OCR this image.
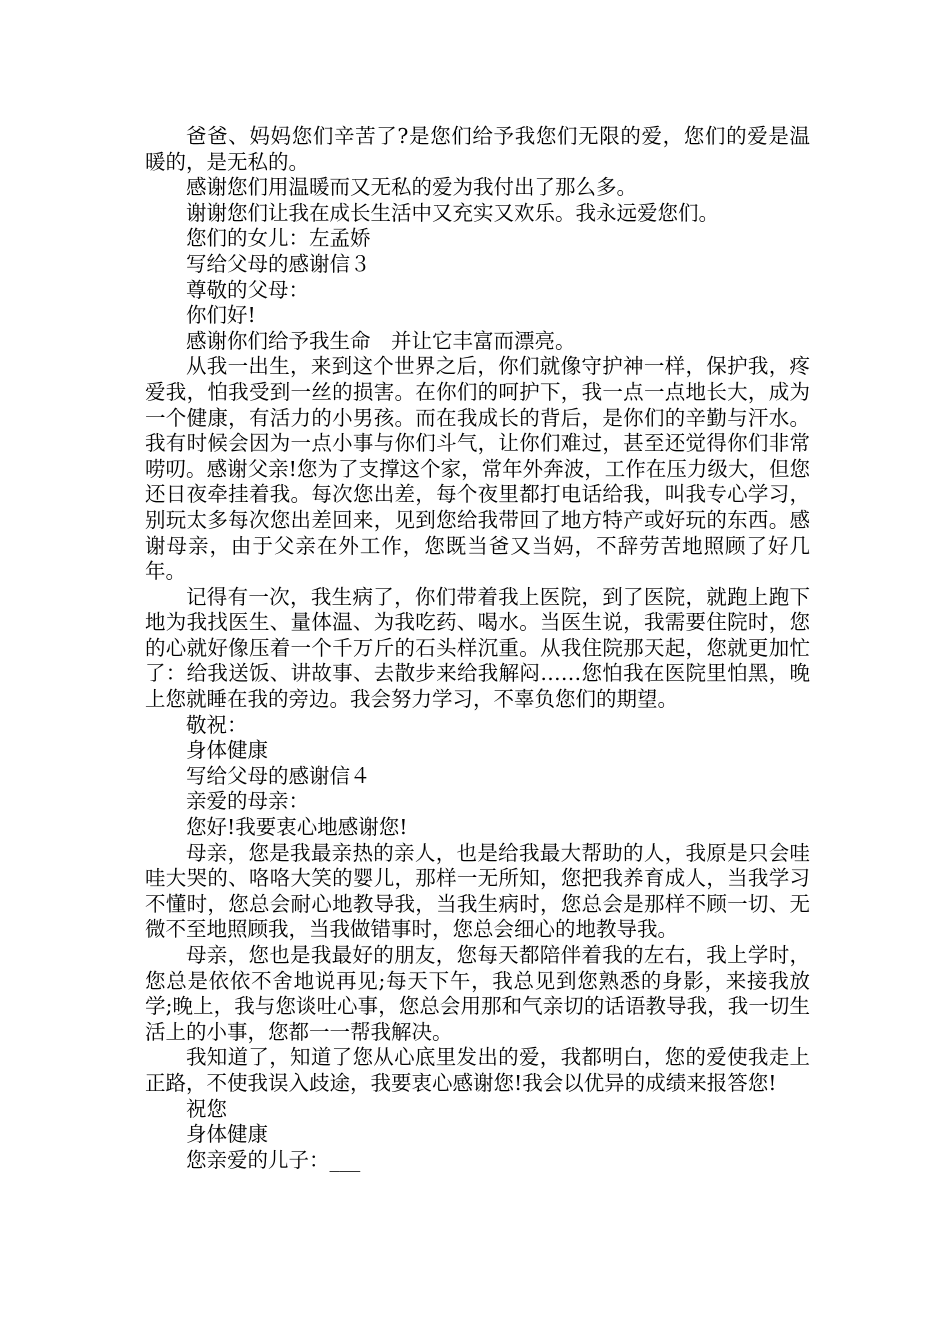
爸爸、妈妈您们辛苦了?是您们给予我您们无限的爱，您们的爱是温暖的，是无私的。

感谢您们用温暖而又无私的爱为我付出了那么多。

谢谢您们让我在成长生活中又充实又欢乐。我永远爱您们。

您们的女儿：左孟娇

写给父母的感谢信３

尊敬的父母：

你们好!

感谢你们给予我生命　并让它丰富而漂亮。

从我一出生，来到这个世界之后，你们就像守护神一样，保护我，疼爱我，怕我受到一丝的损害。在你们的呵护下，我一点一点地长大，成为一个健康，有活力的小男孩。而在我成长的背后，是你们的辛勤与汗水。我有时候会因为一点小事与你们斗气，让你们难过，甚至还觉得你们非常唠叨。感谢父亲!您为了支撑这个家，常年外奔波，工作在压力级大，但您还日夜牵挂着我。每次您出差，每个夜里都打电话给我，叫我专心学习，别玩太多每次您出差回来，见到您给我带回了地方特产或好玩的东西。感谢母亲，由于父亲在外工作，您既当爸又当妈，不辞劳苦地照顾了好几年。

记得有一次，我生病了，你们带着我上医院，到了医院，就跑上跑下地为我找医生、量体温、为我吃药、喝水。当医生说，我需要住院时，您的心就好像压着一个千万斤的石头样沉重。从我住院那天起，您就更加忙了：给我送饭、讲故事、去散步来给我解闷……您怕我在医院里怕黑，晚上您就睡在我的旁边。我会努力学习，不辜负您们的期望。

敬祝：

身体健康

写给父母的感谢信４

亲爱的母亲：

您好!我要衷心地感谢您!

母亲，您是我最亲热的亲人，也是给我最大帮助的人，我原是只会哇哇大哭的、咯咯大笑的婴儿，那样一无所知，您把我养育成人，当我学习不懂时，您总会耐心地教导我，当我生病时，您总会是那样不顾一切、无微不至地照顾我，当我做错事时，您总会细心的地教导我。

母亲，您也是我最好的朋友，您每天都陪伴着我的左右，我上学时，您总是依依不舍地说再见;每天下午，我总见到您熟悉的身影，来接我放学;晚上，我与您谈吐心事，您总会用那和气亲切的话语教导我，我一切生活上的小事，您都一一帮我解决。

我知道了，知道了您从心底里发出的爱，我都明白，您的爱使我走上正路，不使我误入歧途，我要衷心感谢您!我会以优异的成绩来报答您!

祝您

身体健康

您亲爱的儿子：___
